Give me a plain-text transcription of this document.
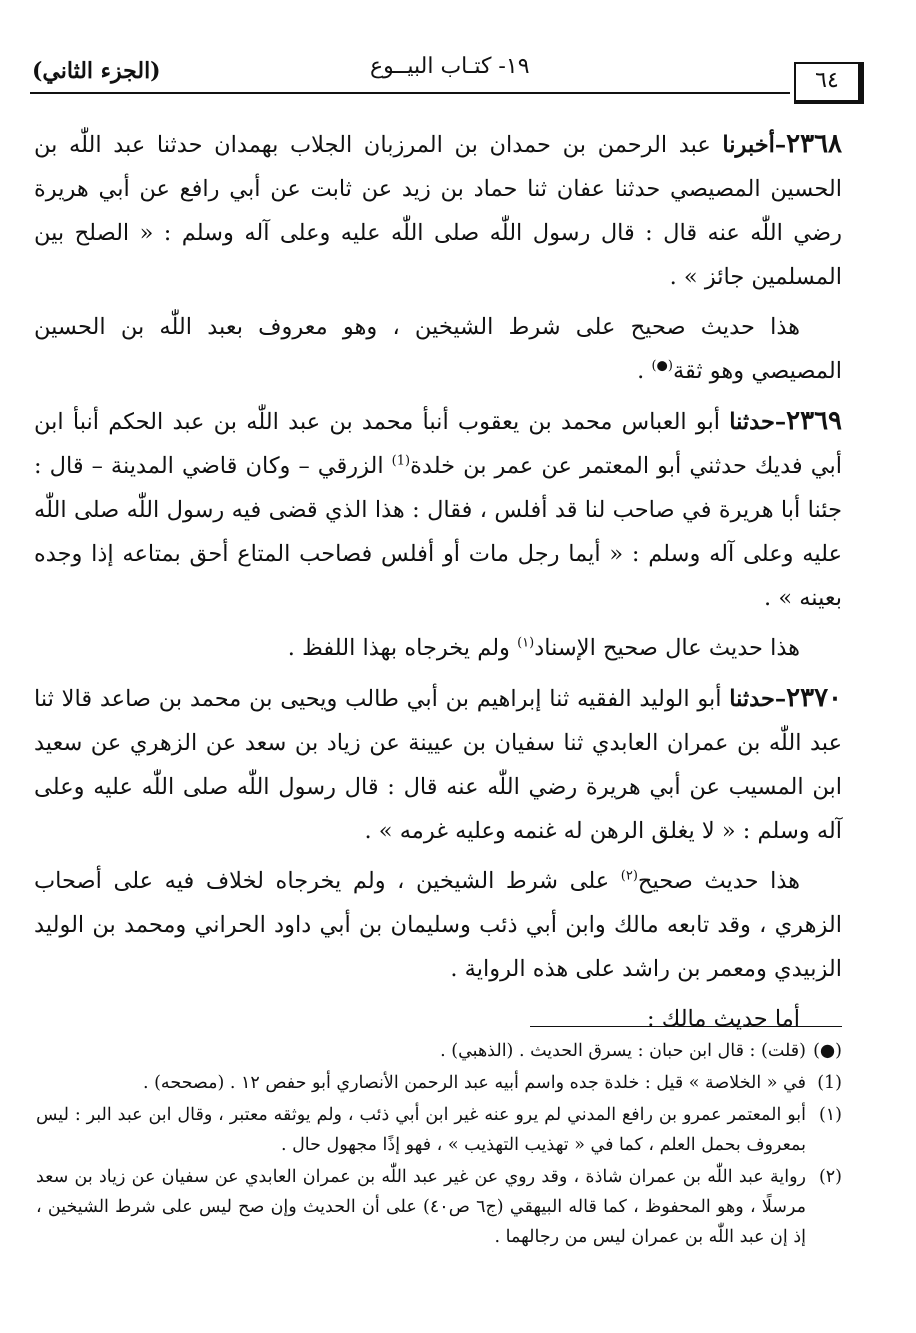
٦٤
١٩- كتـاب البيــوع
(الجزء الثاني)

٢٣٦٨–أخبرنا عبد الرحمن بن حمدان بن المرزبان الجلاب بهمدان حدثنا عبد اللّٰه بن الحسين المصيصي حدثنا عفان ثنا حماد بن زيد عن ثابت عن أبي رافع عن أبي هريرة رضي اللّٰه عنه قال : قال رسول اللّٰه صلى اللّٰه عليه وعلى آله وسلم : « الصلح بين المسلمين جائز » .

هذا حديث صحيح على شرط الشيخين ، وهو معروف بعبد اللّٰه بن الحسين المصيصي وهو ثقة(●) .

٢٣٦٩–حدثنا أبو العباس محمد بن يعقوب أنبأ محمد بن عبد اللّٰه بن عبد الحكم أنبأ ابن أبي فديك حدثني أبو المعتمر عن عمر بن خلدة$^{(1)}$ الزرقي – وكان قاضي المدينة – قال : جئنا أبا هريرة في صاحب لنا قد أفلس ، فقال : هذا الذي قضى فيه رسول اللّٰه صلى اللّٰه عليه وعلى آله وسلم : « أيما رجل مات أو أفلس فصاحب المتاع أحق بمتاعه إذا وجده بعينه » .

هذا حديث عال صحيح الإسناد$^{(١)}$ ولم يخرجاه بهذا اللفظ .

٢٣٧٠–حدثنا أبو الوليد الفقيه ثنا إبراهيم بن أبي طالب ويحيى بن محمد بن صاعد قالا ثنا عبد اللّٰه بن عمران العابدي ثنا سفيان بن عيينة عن زياد بن سعد عن الزهري عن سعيد ابن المسيب عن أبي هريرة رضي اللّٰه عنه قال : قال رسول اللّٰه صلى اللّٰه عليه وعلى آله وسلم : « لا يغلق الرهن له غنمه وعليه غرمه » .

هذا حديث صحيح$^{(٢)}$ على شرط الشيخين ، ولم يخرجاه لخلاف فيه على أصحاب الزهري ، وقد تابعه مالك وابن أبي ذئب وسليمان بن أبي داود الحراني ومحمد بن الوليد الزبيدي ومعمر بن راشد على هذه الرواية .

أما حديث مالك :

(●)
(قلت) : قال ابن حبان : يسرق الحديث . (الذهبي) .
(1)
في « الخلاصة » قيل : خلدة جده واسم أبيه عبد الرحمن الأنصاري أبو حفص ١٢ . (مصححه) .
(١)
أبو المعتمر عمرو بن رافع المدني لم يرو عنه غير ابن أبي ذئب ، ولم يوثقه معتبر ، وقال ابن عبد البر : ليس بمعروف بحمل العلم ، كما في « تهذيب التهذيب » ، فهو إذًا مجهول حال .
(٢)
رواية عبد اللّٰه بن عمران شاذة ، وقد روي عن غير عبد اللّٰه بن عمران العابدي عن سفيان عن زياد بن سعد مرسلًا ، وهو المحفوظ ، كما قاله البيهقي (ج٦ ص٤٠) على أن الحديث وإن صح ليس على شرط الشيخين ، إذ إن عبد اللّٰه بن عمران ليس من رجالهما .
